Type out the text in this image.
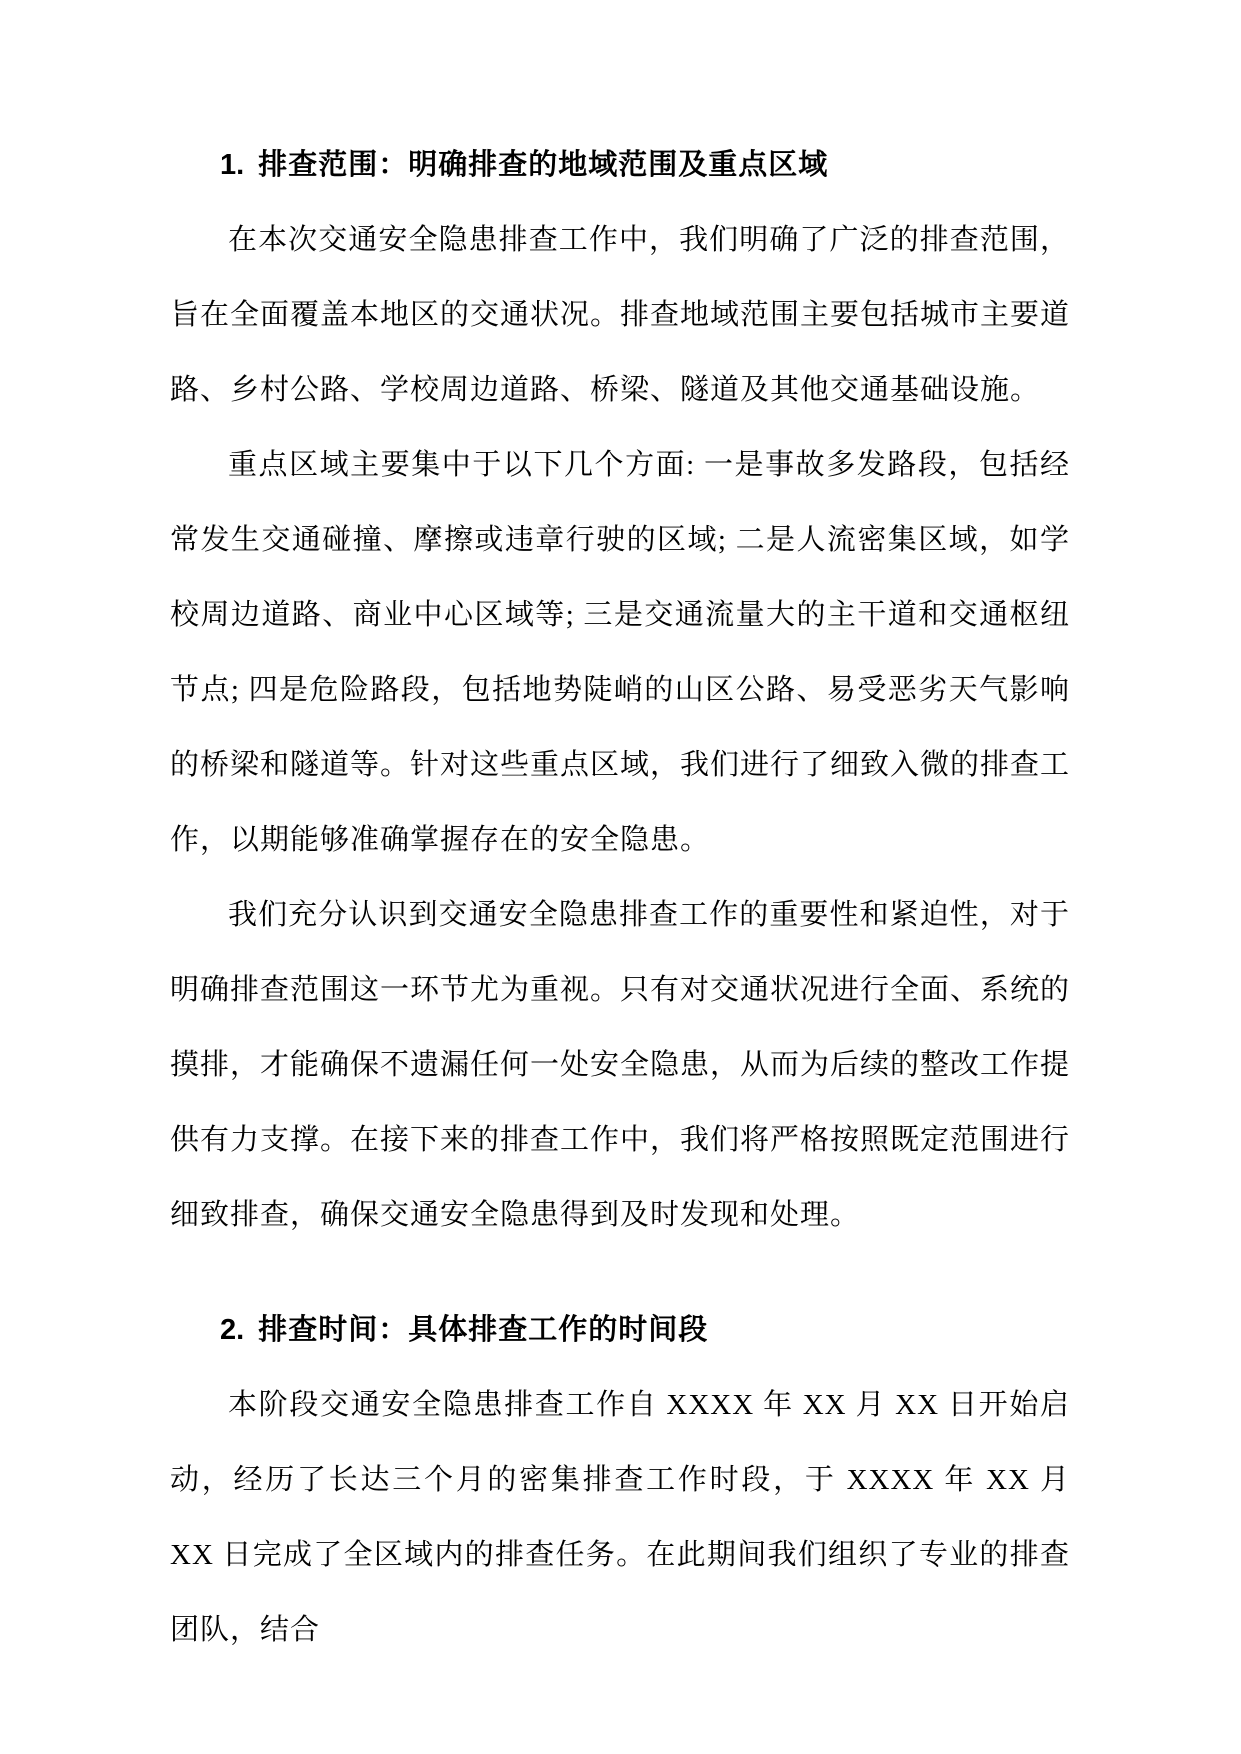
1. 排查范围：明确排查的地域范围及重点区域

在本次交通安全隐患排查工作中，我们明确了广泛的排查范围，旨在全面覆盖本地区的交通状况。排查地域范围主要包括城市主要道路、乡村公路、学校周边道路、桥梁、隧道及其他交通基础设施。

重点区域主要集中于以下几个方面: 一是事故多发路段，包括经常发生交通碰撞、摩擦或违章行驶的区域; 二是人流密集区域，如学校周边道路、商业中心区域等; 三是交通流量大的主干道和交通枢纽节点; 四是危险路段，包括地势陡峭的山区公路、易受恶劣天气影响的桥梁和隧道等。针对这些重点区域，我们进行了细致入微的排查工作，以期能够准确掌握存在的安全隐患。

我们充分认识到交通安全隐患排查工作的重要性和紧迫性，对于明确排查范围这一环节尤为重视。只有对交通状况进行全面、系统的摸排，才能确保不遗漏任何一处安全隐患，从而为后续的整改工作提供有力支撑。在接下来的排查工作中，我们将严格按照既定范围进行细致排查，确保交通安全隐患得到及时发现和处理。

2. 排查时间：具体排查工作的时间段

本阶段交通安全隐患排查工作自 XXXX 年 XX 月 XX 日开始启动，经历了长达三个月的密集排查工作时段，于 XXXX 年 XX 月 XX 日完成了全区域内的排查任务。在此期间我们组织了专业的排查团队，结合
